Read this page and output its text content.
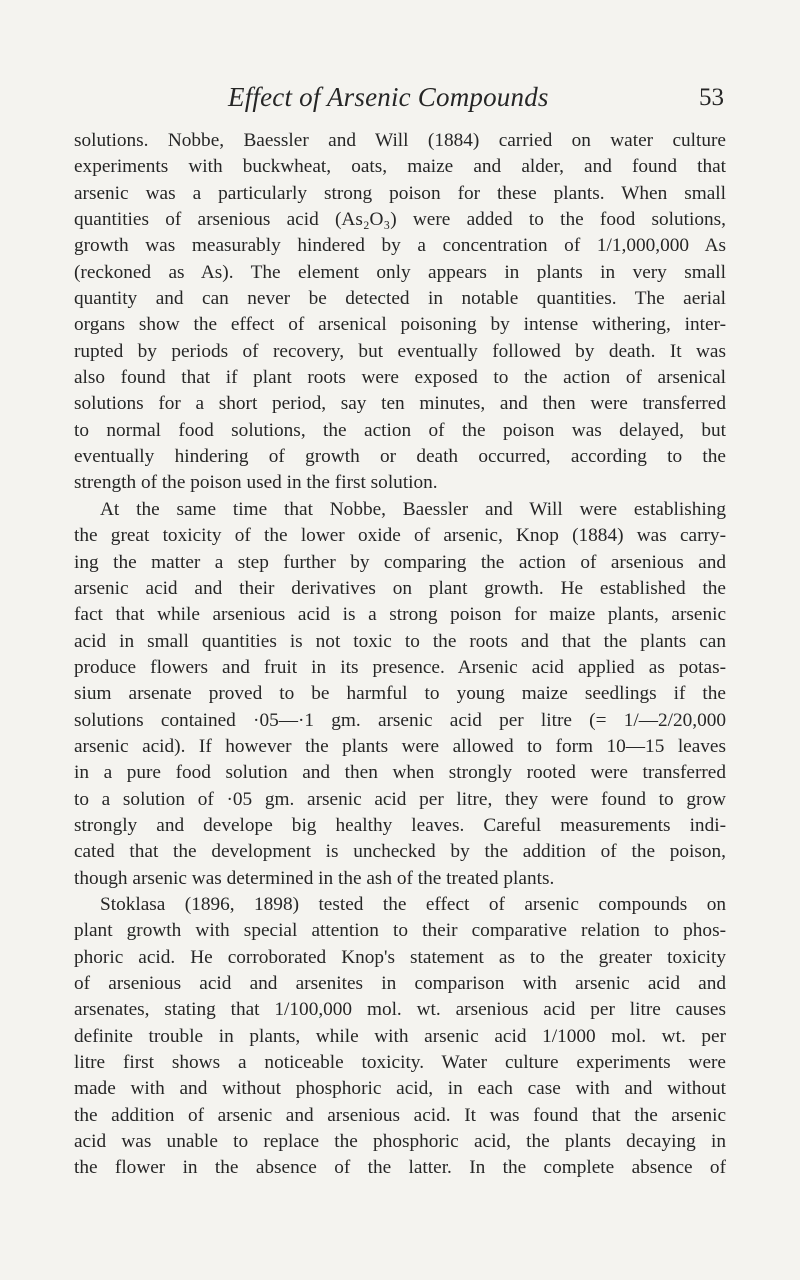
Effect of Arsenic Compounds	53
solutions. Nobbe, Baessler and Will (1884) carried on water culture
experiments with buckwheat, oats, maize and alder, and found that
arsenic was a particularly strong poison for these plants. When small
quantities of arsenious acid (As₂O₃) were added to the food solutions,
growth was measurably hindered by a concentration of 1/1,000,000 As
(reckoned as As). The element only appears in plants in very small
quantity and can never be detected in notable quantities. The aerial
organs show the effect of arsenical poisoning by intense withering, inter-
rupted by periods of recovery, but eventually followed by death. It was
also found that if plant roots were exposed to the action of arsenical
solutions for a short period, say ten minutes, and then were transferred
to normal food solutions, the action of the poison was delayed, but
eventually hindering of growth or death occurred, according to the
strength of the poison used in the first solution.
At the same time that Nobbe, Baessler and Will were establishing
the great toxicity of the lower oxide of arsenic, Knop (1884) was carry-
ing the matter a step further by comparing the action of arsenious and
arsenic acid and their derivatives on plant growth. He established the
fact that while arsenious acid is a strong poison for maize plants, arsenic
acid in small quantities is not toxic to the roots and that the plants can
produce flowers and fruit in its presence. Arsenic acid applied as potas-
sium arsenate proved to be harmful to young maize seedlings if the
solutions contained ·05—·1 gm. arsenic acid per litre (= 1/—2/20,000
arsenic acid). If however the plants were allowed to form 10—15 leaves
in a pure food solution and then when strongly rooted were transferred
to a solution of ·05 gm. arsenic acid per litre, they were found to grow
strongly and develope big healthy leaves. Careful measurements indi-
cated that the development is unchecked by the addition of the poison,
though arsenic was determined in the ash of the treated plants.
Stoklasa (1896, 1898) tested the effect of arsenic compounds on
plant growth with special attention to their comparative relation to phos-
phoric acid. He corroborated Knop's statement as to the greater toxicity
of arsenious acid and arsenites in comparison with arsenic acid and
arsenates, stating that 1/100,000 mol. wt. arsenious acid per litre causes
definite trouble in plants, while with arsenic acid 1/1000 mol. wt. per
litre first shows a noticeable toxicity. Water culture experiments were
made with and without phosphoric acid, in each case with and without
the addition of arsenic and arsenious acid. It was found that the arsenic
acid was unable to replace the phosphoric acid, the plants decaying in
the flower in the absence of the latter. In the complete absence of
